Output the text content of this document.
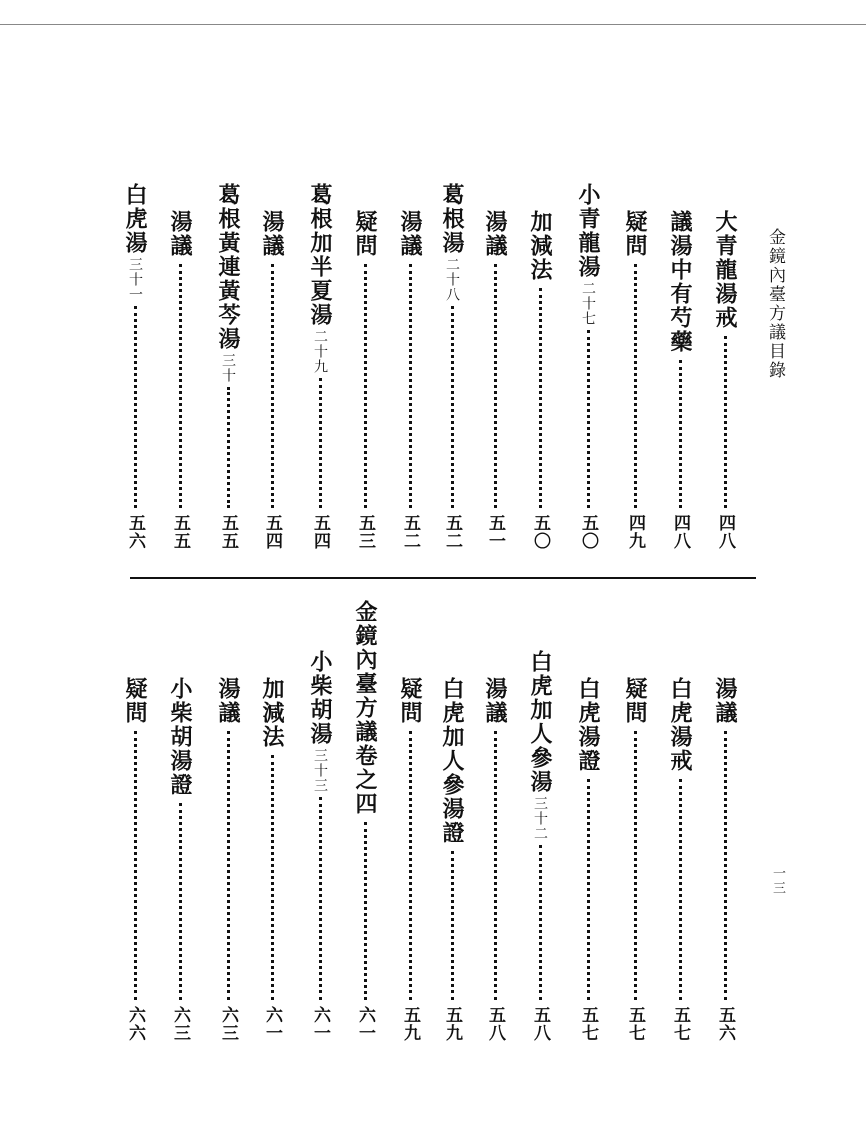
金鏡內臺方議目錄
一三
大青龍湯戒
四八
議湯中有芍藥
四八
疑問
四九
小青龍湯
二十七
五〇
加減法
五〇
湯議
五一
葛根湯
二十八
五二
湯議
五二
疑問
五三
葛根加半夏湯
二十九
五四
湯議
五四
葛根黃連黃芩湯
三十
五五
湯議
五五
白虎湯
三十一
五六
湯議
五六
白虎湯戒
五七
疑問
五七
白虎湯證
五七
白虎加人參湯
三十二
五八
湯議
五八
白虎加人參湯證
五九
疑問
五九
金鏡內臺方議卷之四
六一
小柴胡湯
三十三
六一
加減法
六一
湯議
六三
小柴胡湯證
六三
疑問
六六
